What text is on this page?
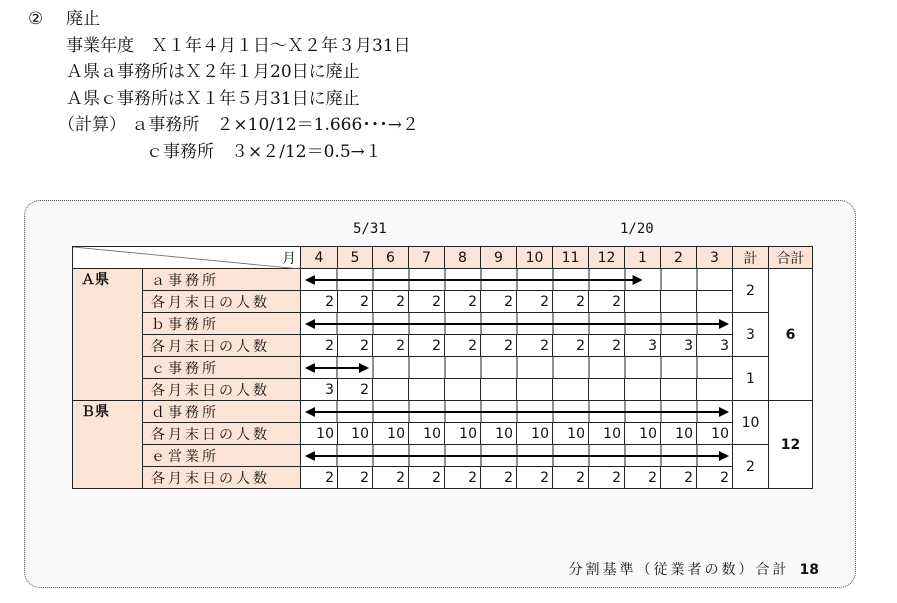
② 廃止
事業年度　Ｘ１年４月１日～Ｘ２年３月31日
Ａ県ａ事務所はＸ２年１月20日に廃止
Ａ県ｃ事務所はＸ１年５月31日に廃止
（計算） ａ事務所　２×10/12＝1.666･･･→２
ｃ事務所　３×２/12＝0.5→１
5/31	1/20
月		4	5	6	7	8	9	10	11	12	1	2	3	計	合計
Ａ県	ａ事務所													2	6
	各月末日の人数	2	2	2	2	2	2	2	2	2					
	ｂ事務所													3	
	各月末日の人数	2	2	2	2	2	2	2	2	2	3	3	3		
	ｃ事務所													1	
	各月末日の人数	3	2												
Ｂ県	ｄ事務所													10	12
	各月末日の人数	10	10	10	10	10	10	10	10	10	10	10	10		
	ｅ営業所													2	
	各月末日の人数	2	2	2	2	2	2	2	2	2	2	2	2		
分割基準（従業者の数）合計 18
